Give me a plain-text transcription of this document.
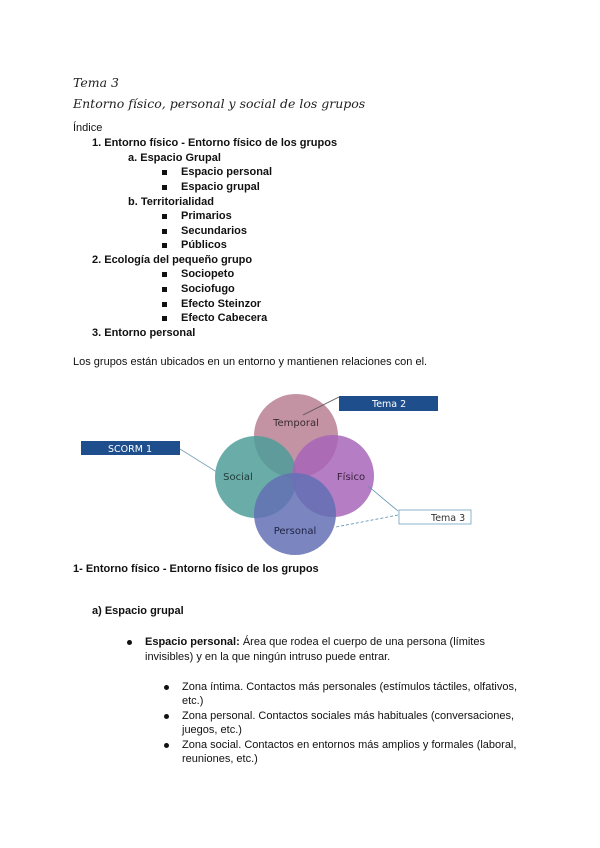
Tema 3
Entorno físico, personal y social de los grupos
Índice
1. Entorno físico - Entorno físico de los grupos
a. Espacio Grupal
Espacio personal
Espacio grupal
b. Territorialidad
Primarios
Secundarios
Públicos
2. Ecología del pequeño grupo
Sociopeto
Sociofugo
Efecto Steinzor
Efecto Cabecera
3. Entorno personal
Los grupos están ubicados en un entorno y mantienen relaciones con el.
Temporal
Social	Físico
Personal
SCORM 1
Tema 2
Tema 3
1- Entorno físico - Entorno físico de los grupos
a) Espacio grupal
Espacio personal: Área que rodea el cuerpo de una persona (límites
invisibles) y en la que ningún intruso puede entrar.
Zona íntima. Contactos más personales (estímulos táctiles, olfativos,
etc.)
Zona personal. Contactos sociales más habituales (conversaciones,
juegos, etc.)
Zona social. Contactos en entornos más amplios y formales (laboral,
reuniones, etc.)
